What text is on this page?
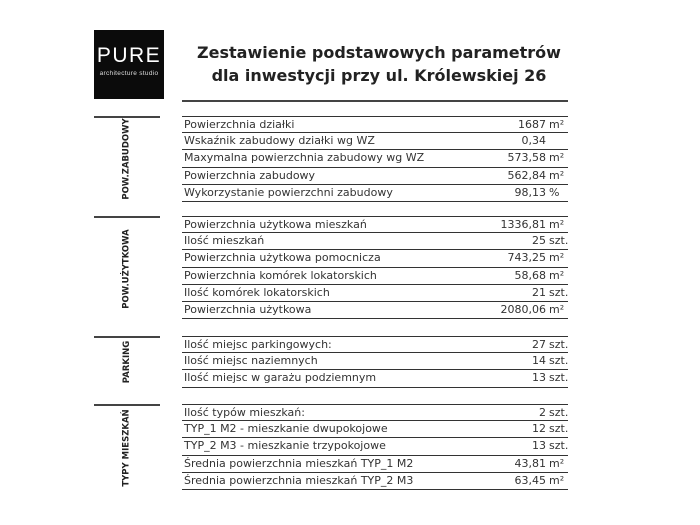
PURE
architecture studio
Zestawienie podstawowych parametrów
dla inwestycji przy ul. Królewskiej 26
POW.ZABUDOWY	Powierzchnia działki	1687 m²
Wskaźnik zabudowy działki wg WZ	0,34
Maxymalna powierzchnia zabudowy wg WZ	573,58 m²
Powierzchnia zabudowy	562,84 m²
Wykorzystanie powierzchni zabudowy	98,13 %
POW.UŻYTKOWA
Powierzchnia użytkowa mieszkań	1336,81 m²
Ilość mieszkań	25 szt.
Powierzchnia użytkowa pomocnicza	743,25 m²
Powierzchnia komórek lokatorskich	58,68 m²
Ilość komórek lokatorskich	21 szt.
Powierzchnia użytkowa	2080,06 m²
PARKING	Ilość miejsc parkingowych:	27 szt.
Ilość miejsc naziemnych	14 szt.
Ilość miejsc w garażu podziemnym	13 szt.
TYPY MIESZKAŃ	Ilość typów mieszkań:	2 szt.
TYP_1 M2 - mieszkanie dwupokojowe	12 szt.
TYP_2 M3 - mieszkanie trzypokojowe	13 szt.
Średnia powierzchnia mieszkań TYP_1 M2	43,81 m²
Średnia powierzchnia mieszkań TYP_2 M3	63,45 m²
